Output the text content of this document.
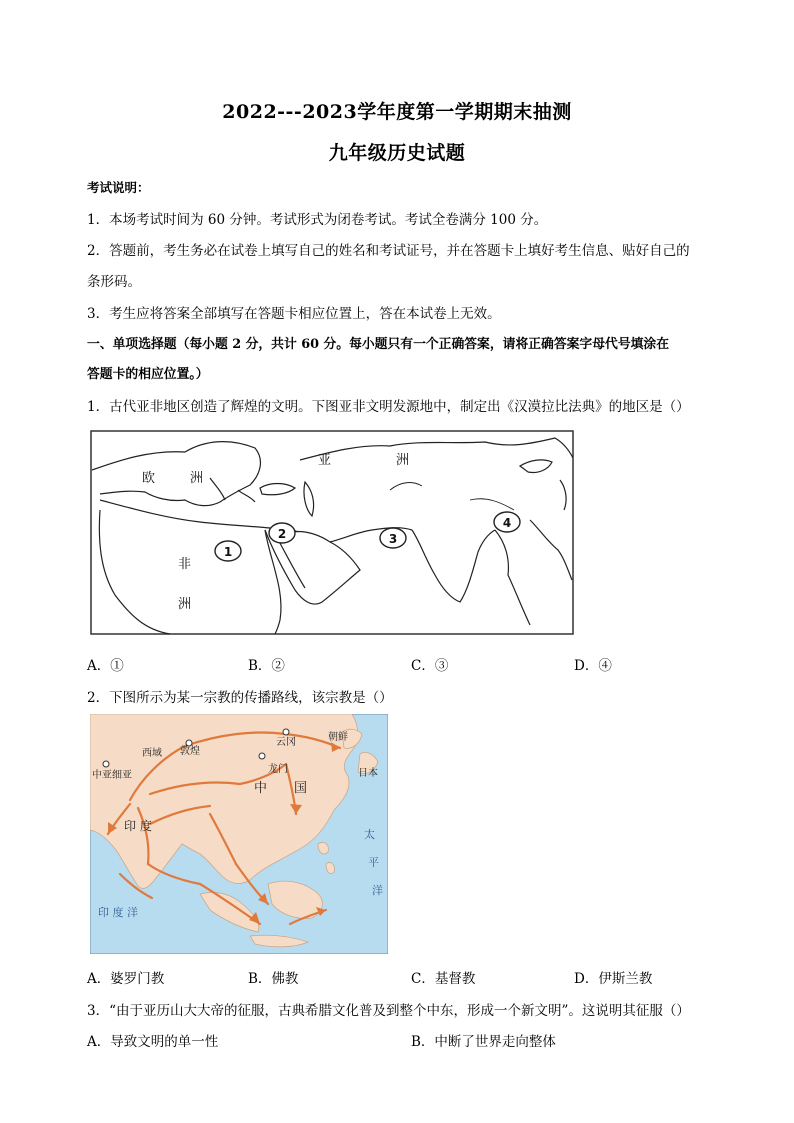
2022---2023学年度第一学期期末抽测
九年级历史试题
考试说明：
1．本场考试时间为 60 分钟。考试形式为闭卷考试。考试全卷满分 100 分。
2．答题前，考生务必在试卷上填写自己的姓名和考试证号，并在答题卡上填好考生信息、贴好自己的
条形码。
3．考生应将答案全部填写在答题卡相应位置上，答在本试卷上无效。
一、单项选择题（每小题 2 分，共计 60 分。每小题只有一个正确答案，请将正确答案字母代号填涂在
答题卡的相应位置。）
1．古代亚非地区创造了辉煌的文明。下图亚非文明发源地中，制定出《汉漠拉比法典》的地区是（）
欧	洲
亚	洲
非
洲
1
2	3
4
A．①	B．②	C．③	D．④
2．下图所示为某一宗教的传播路线，该宗教是（）
西域 敦煌
云冈	朝鲜
中亚细亚
龙门	日本
中 国
印 度
太
平
洋
印 度 洋
A．婆罗门教	B．佛教	C．基督教	D．伊斯兰教
3．“由于亚历山大大帝的征服，古典希腊文化普及到整个中东，形成一个新文明”。这说明其征服（）
A．导致文明的单一性	B．中断了世界走向整体
